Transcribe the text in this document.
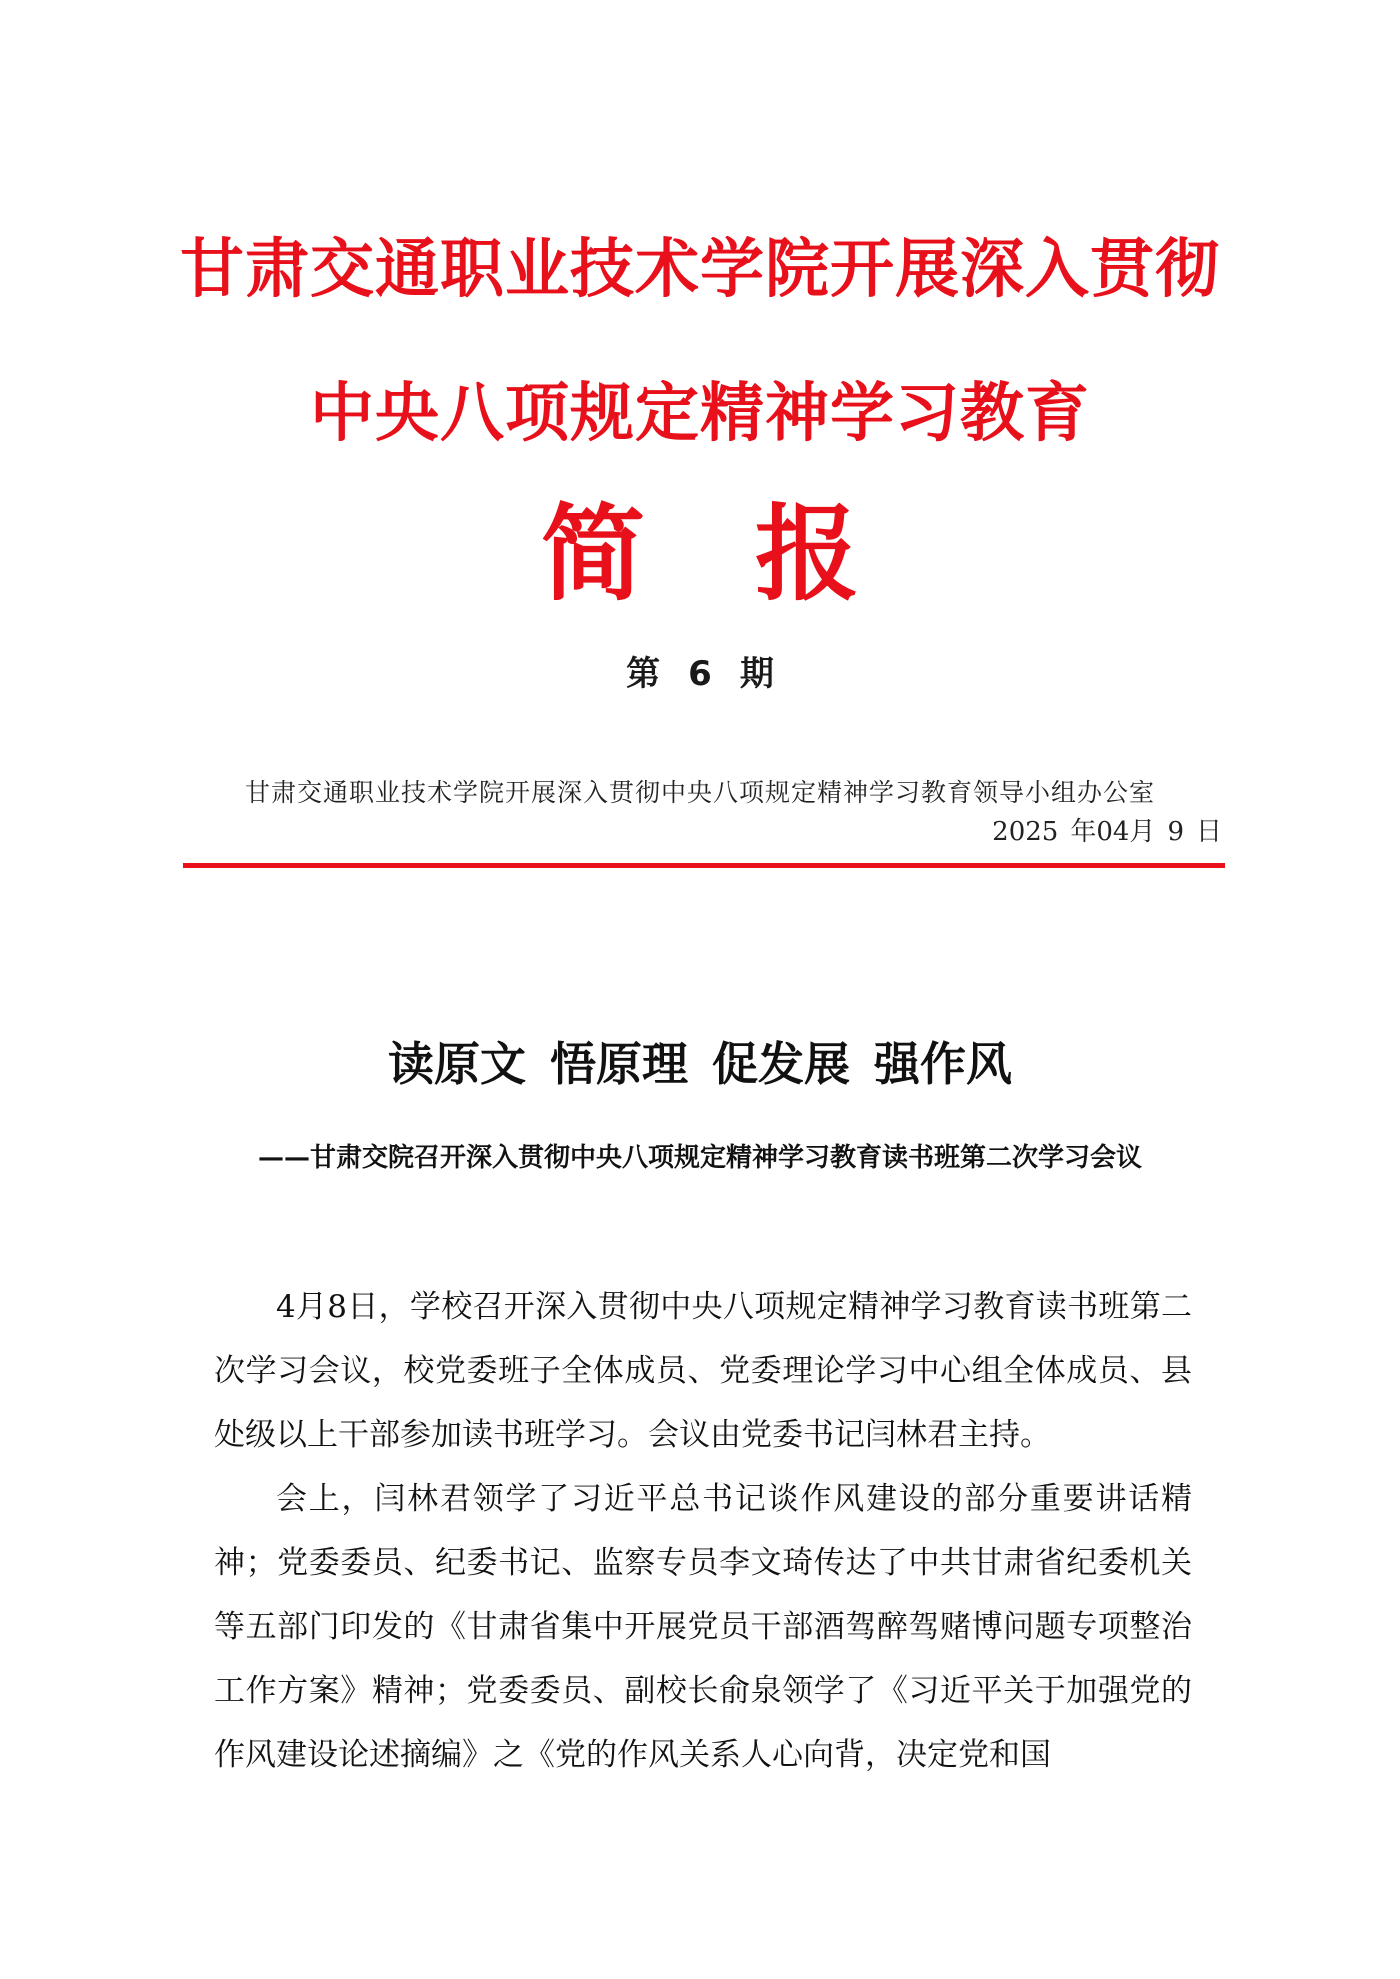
甘肃交通职业技术学院开展深入贯彻
中央八项规定精神学习教育
简报
第 6 期
甘肃交通职业技术学院开展深入贯彻中央八项规定精神学习教育领导小组办公室
2025 年04月 9 日
读原文 悟原理 促发展 强作风
——甘肃交院召开深入贯彻中央八项规定精神学习教育读书班第二次学习会议

4月8日，学校召开深入贯彻中央八项规定精神学习教育读书班第二次学习会议，校党委班子全体成员、党委理论学习中心组全体成员、县处级以上干部参加读书班学习。会议由党委书记闫林君主持。

会上，闫林君领学了习近平总书记谈作风建设的部分重要讲话精神；党委委员、纪委书记、监察专员李文琦传达了中共甘肃省纪委机关等五部门印发的《甘肃省集中开展党员干部酒驾醉驾赌博问题专项整治工作方案》精神；党委委员、副校长俞泉领学了《习近平关于加强党的作风建设论述摘编》之《党的作风关系人心向背，决定党和国
